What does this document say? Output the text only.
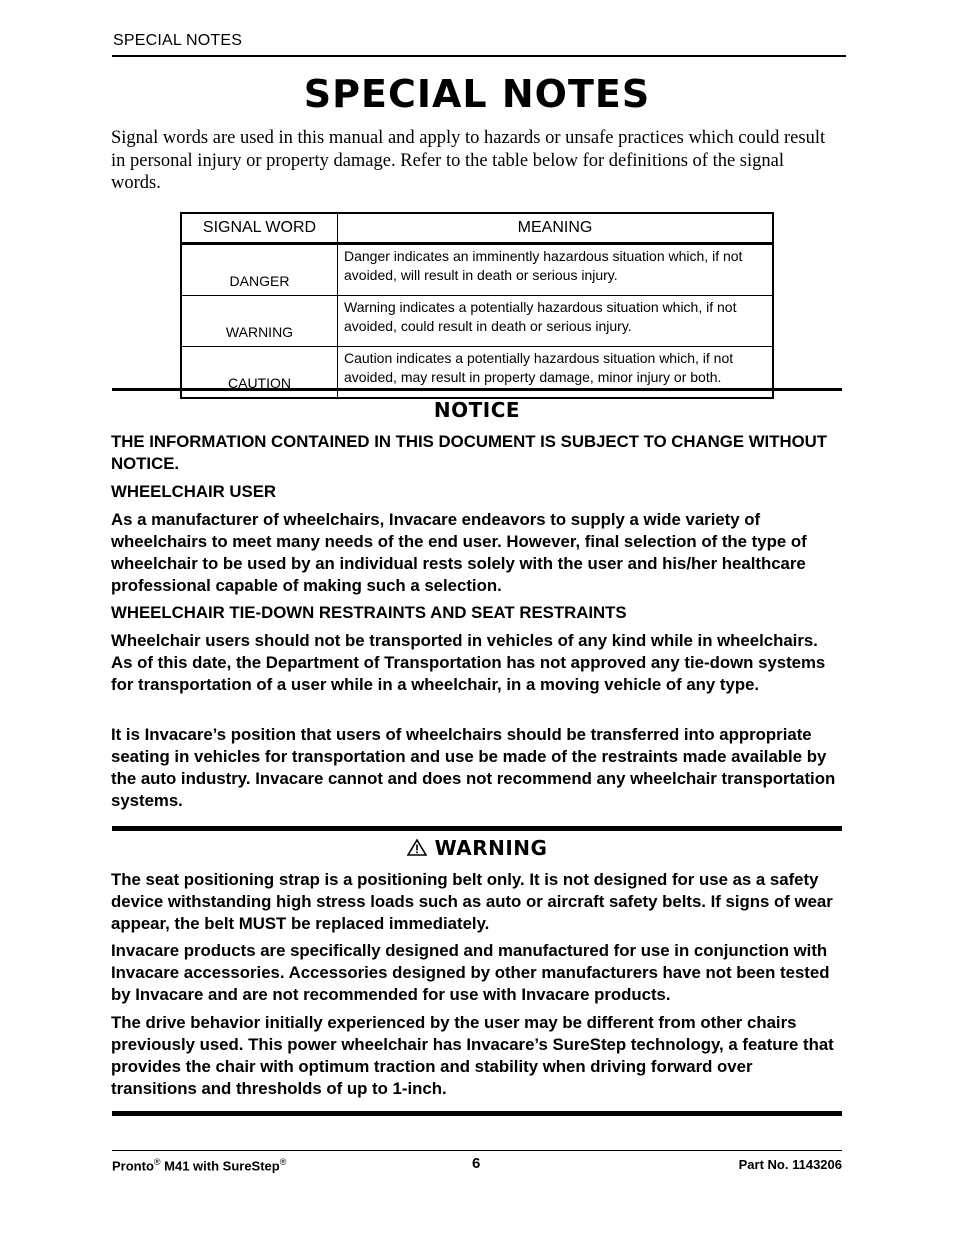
SPECIAL NOTES
SPECIAL NOTES

Signal words are used in this manual and apply to hazards or unsafe practices which could result in personal injury or property damage. Refer to the table below for definitions of the signal words.

SIGNAL WORD	MEANING
DANGER	Danger indicates an imminently hazardous situation which, if not avoided, will result in death or serious injury.
WARNING	Warning indicates a potentially hazardous situation which, if not avoided, could result in death or serious injury.
CAUTION	Caution indicates a potentially hazardous situation which, if not avoided, may result in property damage, minor injury or both.
NOTICE
THE INFORMATION CONTAINED IN THIS DOCUMENT IS SUBJECT TO CHANGE WITHOUT NOTICE.
WHEELCHAIR USER
As a manufacturer of wheelchairs, Invacare endeavors to supply a wide variety of wheelchairs to meet many needs of the end user. However, final selection of the type of wheelchair to be used by an individual rests solely with the user and his/her healthcare professional capable of making such a selection.
WHEELCHAIR TIE-DOWN RESTRAINTS AND SEAT RESTRAINTS
Wheelchair users should not be transported in vehicles of any kind while in wheelchairs. As of this date, the Department of Transportation has not approved any tie-down systems for transportation of a user while in a wheelchair, in a moving vehicle of any type.
It is Invacare’s position that users of wheelchairs should be transferred into appropriate seating in vehicles for transportation and use be made of the restraints made available by the auto industry. Invacare cannot and does not recommend any wheelchair transportation systems.
WARNING
The seat positioning strap is a positioning belt only. It is not designed for use as a safety device withstanding high stress loads such as auto or aircraft safety belts. If signs of wear appear, the belt MUST be replaced immediately.
Invacare products are specifically designed and manufactured for use in conjunction with Invacare accessories. Accessories designed by other manufacturers have not been tested by Invacare and are not recommended for use with Invacare products.
The drive behavior initially experienced by the user may be different from other chairs previously used. This power wheelchair has Invacare’s SureStep technology, a feature that provides the chair with optimum traction and stability when driving forward over transitions and thresholds of up to 1-inch.
Pronto® M41 with SureStep®	6	Part No. 1143206
